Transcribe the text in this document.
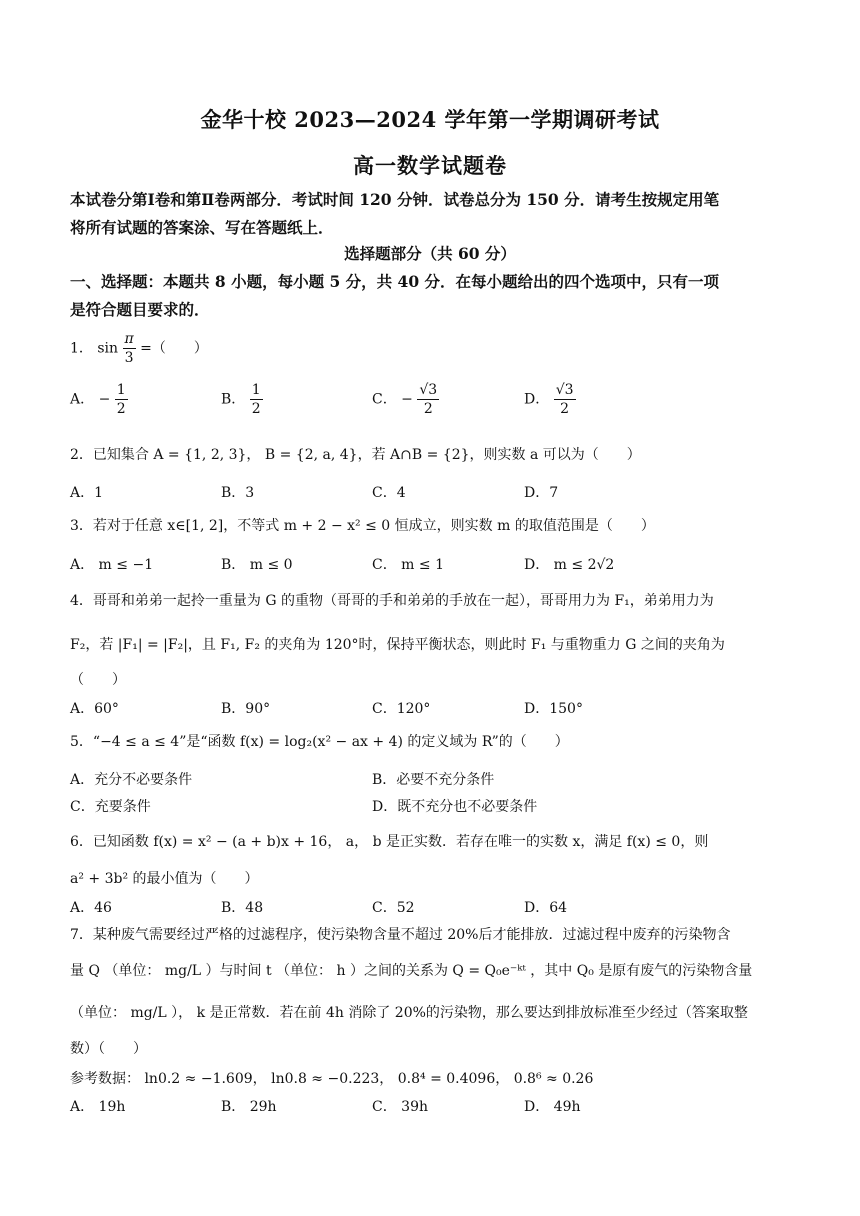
金华十校 2023—2024 学年第一学期调研考试
高一数学试题卷
本试卷分第Ⅰ卷和第Ⅱ卷两部分．考试时间 120 分钟．试卷总分为 150 分．请考生按规定用笔
将所有试题的答案涂、写在答题纸上．
选择题部分（共 60 分）
一、选择题：本题共 8 小题，每小题 5 分，共 40 分．在每小题给出的四个选项中，只有一项
是符合题目要求的．
1． $\sin \frac{\pi}{3}$ =（　　）
A． − $\frac{1}{2}$	B． $\frac{1}{2}$	C． − $\frac{√3}{2}$	D． $\frac{√3}{2}$
2．已知集合 A = {1, 2, 3}， B = {2, a, 4}，若 A∩B = {2}，则实数 a 可以为（　　）
A．1	B．3	C．4	D．7
3．若对于任意 x∈[1, 2]，不等式 m + 2 − x² ≤ 0 恒成立，则实数 m 的取值范围是（　　）
A． m ≤ −1	B． m ≤ 0	C． m ≤ 1	D． m ≤ 2√2
4．哥哥和弟弟一起拎一重量为 G 的重物（哥哥的手和弟弟的手放在一起），哥哥用力为 F₁，弟弟用力为
F₂，若 |F₁| = |F₂|，且 F₁, F₂ 的夹角为 120°时，保持平衡状态，则此时 F₁ 与重物重力 G 之间的夹角为
（　　）
A．60°	B．90°	C．120°	D．150°
5．“−4 ≤ a ≤ 4”是“函数 f(x) = log₂(x² − ax + 4) 的定义域为 R”的（　　）
A．充分不必要条件	B．必要不充分条件
C．充要条件	D．既不充分也不必要条件
6．已知函数 f(x) = x² − (a + b)x + 16， a， b 是正实数．若存在唯一的实数 x，满足 f(x) ≤ 0，则
a² + 3b² 的最小值为（　　）
A．46	B．48	C．52	D．64
7．某种废气需要经过严格的过滤程序，使污染物含量不超过 20%后才能排放．过滤过程中废弃的污染物含
量 Q （单位： mg/L ）与时间 t （单位： h ）之间的关系为 Q = Q₀e⁻ᵏᵗ ，其中 Q₀ 是原有废气的污染物含量
（单位： mg/L ）， k 是正常数．若在前 4h 消除了 20%的污染物，那么要达到排放标准至少经过（答案取整
数）（　　）
参考数据： ln0.2 ≈ −1.609， ln0.8 ≈ −0.223， 0.8⁴ = 0.4096， 0.8⁶ ≈ 0.26
A． 19h	B． 29h	C． 39h	D． 49h
